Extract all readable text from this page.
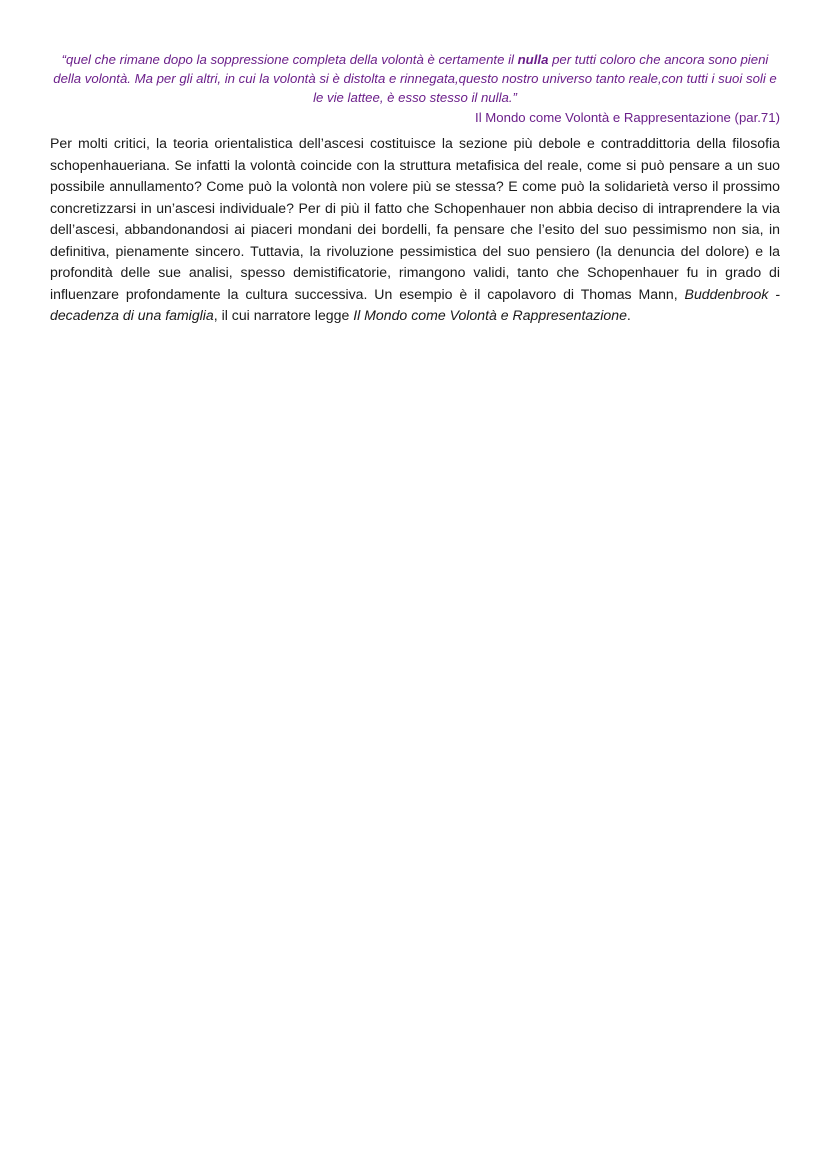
“quel che rimane dopo la soppressione completa della volontà è certamente il nulla per tutti coloro che ancora sono pieni della volontà. Ma per gli altri, in cui la volontà si è distolta e rinnegata,questo nostro universo tanto reale,con tutti i suoi soli e le vie lattee, è esso stesso il nulla.”

Il Mondo come Volontà e Rappresentazione (par.71)

Per molti critici, la teoria orientalistica dell’ascesi costituisce la sezione più debole e contraddittoria della filosofia schopenhaueriana. Se infatti la volontà coincide con la struttura metafisica del reale, come si può pensare a un suo possibile annullamento? Come può la volontà non volere più se stessa? E come può la solidarietà verso il prossimo concretizzarsi in un’ascesi individuale? Per di più il fatto che Schopenhauer non abbia deciso di intraprendere la via dell’ascesi, abbandonandosi ai piaceri mondani dei bordelli, fa pensare che l’esito del suo pessimismo non sia, in definitiva, pienamente sincero. Tuttavia, la rivoluzione pessimistica del suo pensiero (la denuncia del dolore) e la profondità delle sue analisi, spesso demistificatorie, rimangono validi, tanto che Schopenhauer fu in grado di influenzare profondamente la cultura successiva. Un esempio è il capolavoro di Thomas Mann, Buddenbrook - decadenza di una famiglia, il cui narratore legge Il Mondo come Volontà e Rappresentazione.
